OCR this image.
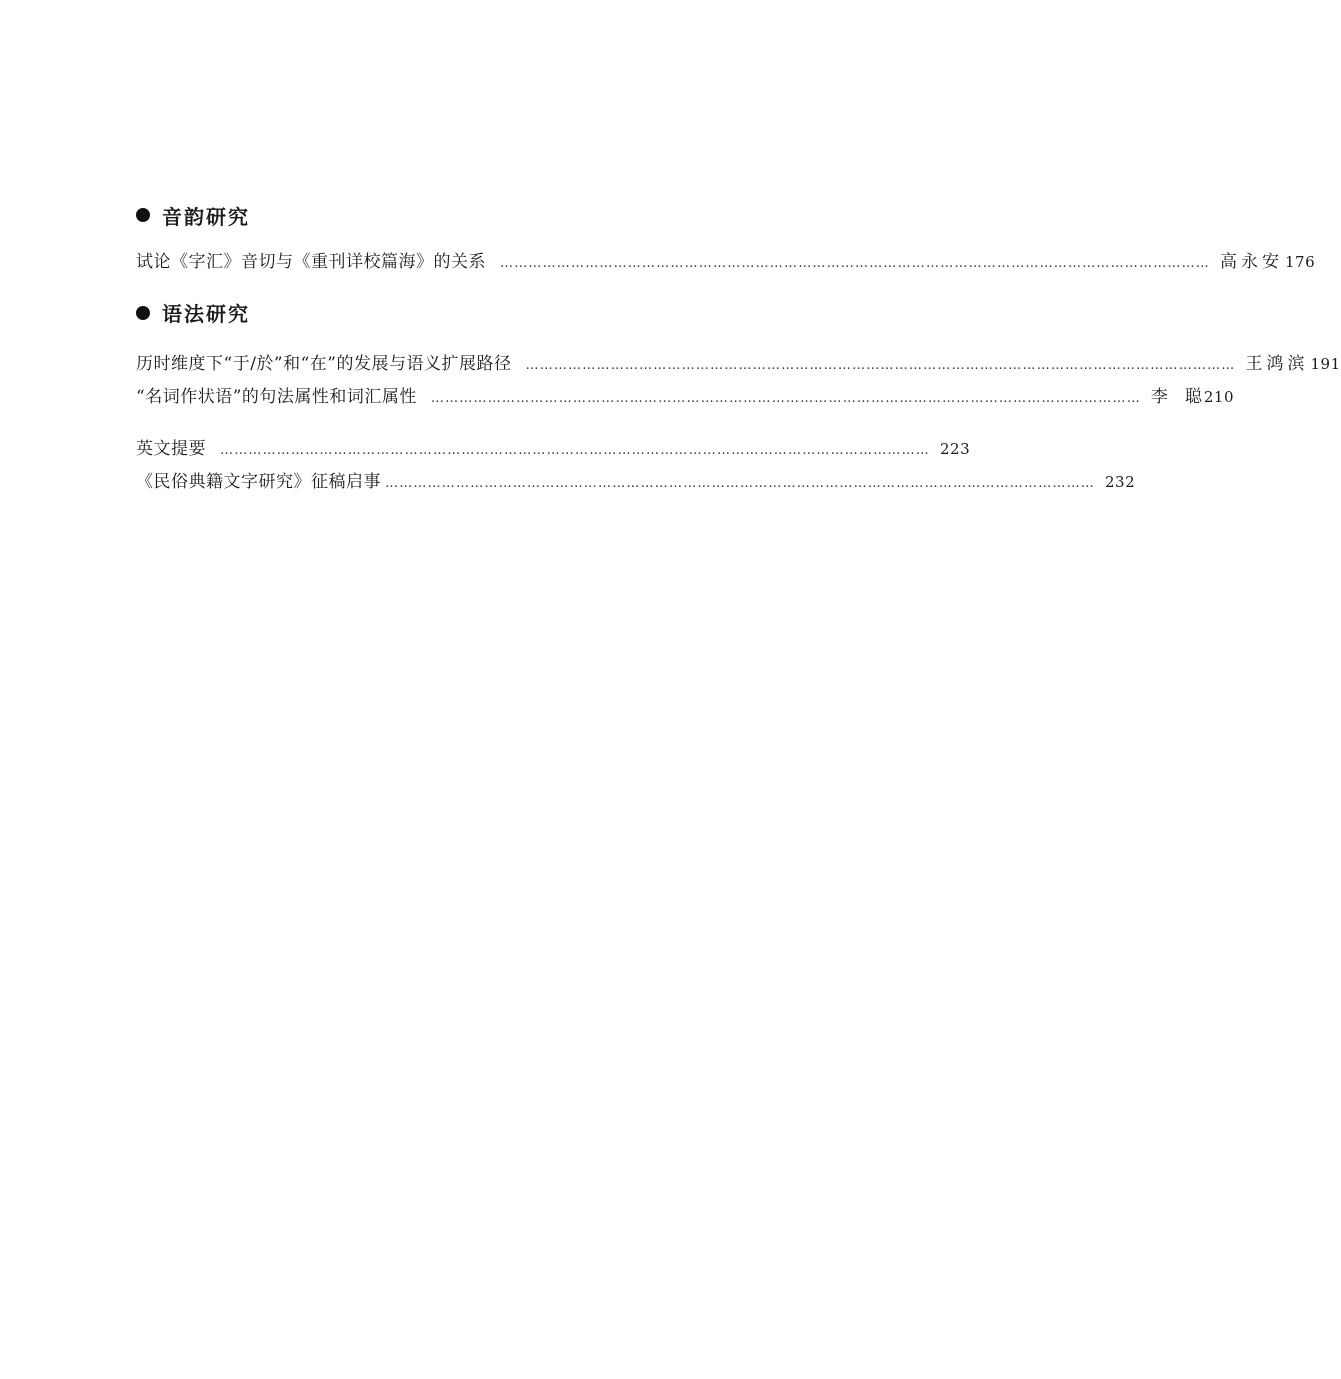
音韵研究
试论《字汇》音切与《重刊详校篇海》的关系 …………………………………………………………………………………………………………………………………… 高永安 176
语法研究
历时维度下“于/於”和“在”的发展与语义扩展路径 …………………………………………………………………………………………………………………………………… 王鸿滨 191
“名词作状语”的句法属性和词汇属性 …………………………………………………………………………………………………………………………………… 李　聪 210
英文提要 …………………………………………………………………………………………………………………………………… 223
《民俗典籍文字研究》征稿启事 …………………………………………………………………………………………………………………………………… 232
